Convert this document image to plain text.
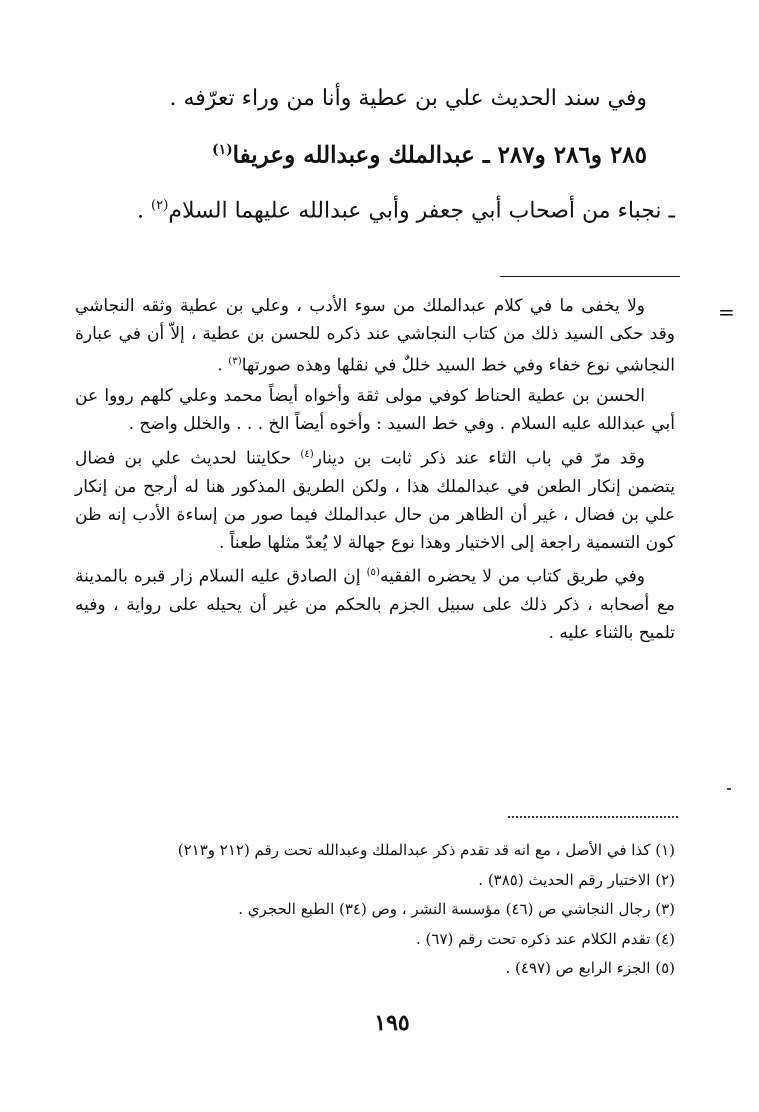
وفي سند الحديث علي بن عطية وأنا من وراء تعرّفه .
٢٨٥ و٢٨٦ و٢٨٧ ـ عبدالملك وعبدالله وعريفا$^{(١)}$
ـ نجباء من أصحاب أبي جعفر وأبي عبدالله عليهما السلام$^{(٢)}$ .
=

ولا يخفى ما في كلام عبدالملك من سوء الأدب ، وعلي بن عطية وثقه النجاشي وقد حكى السيد ذلك من كتاب النجاشي عند ذكره للحسن بن عطية ، إلاّ أن في عبارة النجاشي نوع خفاء وفي خط السيد خللٌ في نقلها وهذه صورتها$^{(٣)}$ .

الحسن بن عطية الحناط كوفي مولى ثقة وأخواه أيضاً محمد وعلي كلهم رووا عن أبي عبدالله عليه السلام . وفي خط السيد : وأخوه أيضاً الخ . . . والخلل واضح .

وقد مرّ في باب الثاء عند ذكر ثابت بن دينار$^{(٤)}$ حكايتنا لحديث علي بن فضال يتضمن إنكار الطعن في عبدالملك هذا ، ولكن الطريق المذكور هنا له أرجح من إنكار علي بن فضال ، غير أن الظاهر من حال عبدالملك فيما صور من إساءة الأدب إنه ظن كون التسمية راجعة إلى الاختيار وهذا نوع جهالة لا يُعدّ مثلها طعناً .

وفي طريق كتاب من لا يحضره الفقيه$^{(٥)}$ إن الصادق عليه السلام زار قبره بالمدينة مع أصحابه ، ذكر ذلك على سبيل الجزم بالحكم من غير أن يحيله على رواية ، وفيه تلميح بالثناء عليه .

(١) كذا في الأصل ، مع انه قد تقدم ذكر عبدالملك وعبدالله تحت رقم (٢١٢ و٢١٣)
(٢) الاختيار رقم الحديث (٣٨٥) .
(٣) رجال النجاشي ص (٤٦) مؤسسة النشر ، وص (٣٤) الطبع الحجري .
(٤) تقدم الكلام عند ذكره تحت رقم (٦٧) .
(٥) الجزء الرابع ص (٤٩٧) .
١٩٥
